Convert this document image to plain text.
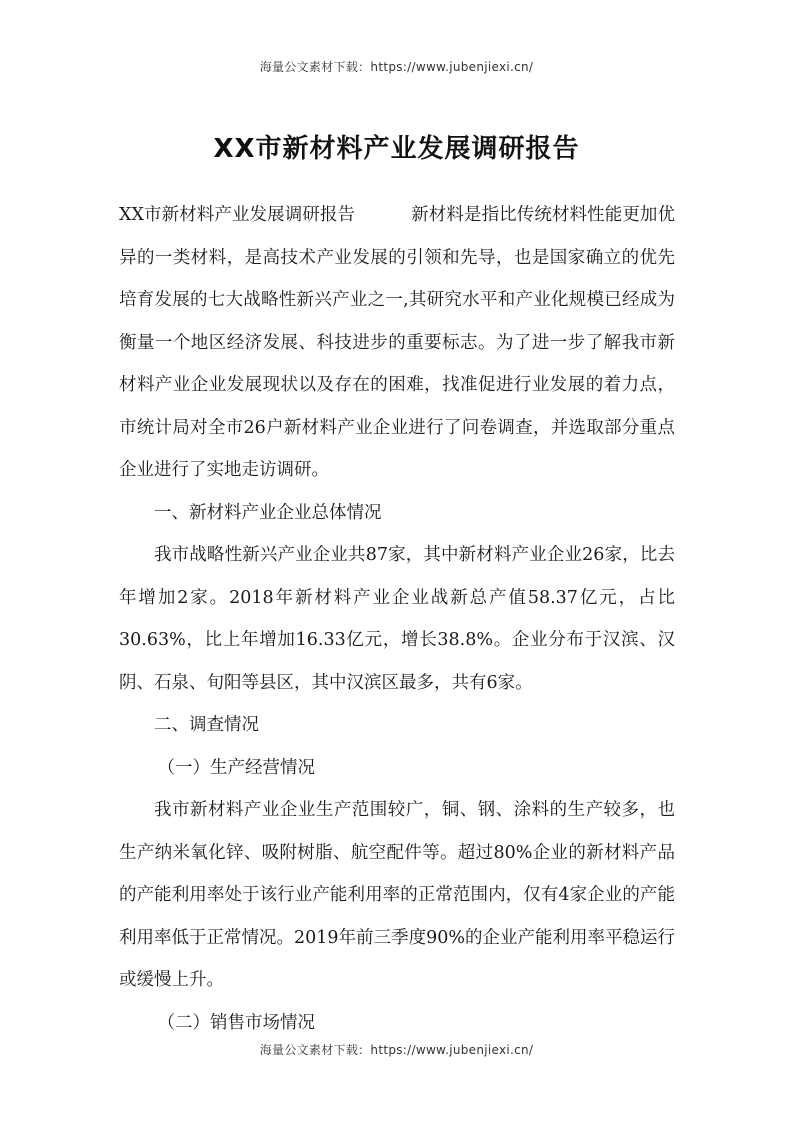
海量公文素材下载：https://www.jubenjiexi.cn/
XX市新材料产业发展调研报告

XX市新材料产业发展调研报告	新材料是指比传统材料性能更加优异的一类材料，是高技术产业发展的引领和先导，也是国家确立的优先培育发展的七大战略性新兴产业之一,其研究水平和产业化规模已经成为衡量一个地区经济发展、科技进步的重要标志。为了进一步了解我市新材料产业企业发展现状以及存在的困难，找准促进行业发展的着力点，市统计局对全市26户新材料产业企业进行了问卷调查，并选取部分重点企业进行了实地走访调研。

一、新材料产业企业总体情况

我市战略性新兴产业企业共87家，其中新材料产业企业26家，比去年增加2家。2018年新材料产业企业战新总产值58.37亿元，占比30.63%，比上年增加16.33亿元，增长38.8%。企业分布于汉滨、汉阴、石泉、旬阳等县区，其中汉滨区最多，共有6家。

二、调查情况

（一）生产经营情况

我市新材料产业企业生产范围较广，铜、钢、涂料的生产较多，也生产纳米氧化锌、吸附树脂、航空配件等。超过80%企业的新材料产品的产能利用率处于该行业产能利用率的正常范围内，仅有4家企业的产能利用率低于正常情况。2019年前三季度90%的企业产能利用率平稳运行或缓慢上升。

（二）销售市场情况

海量公文素材下载：https://www.jubenjiexi.cn/
